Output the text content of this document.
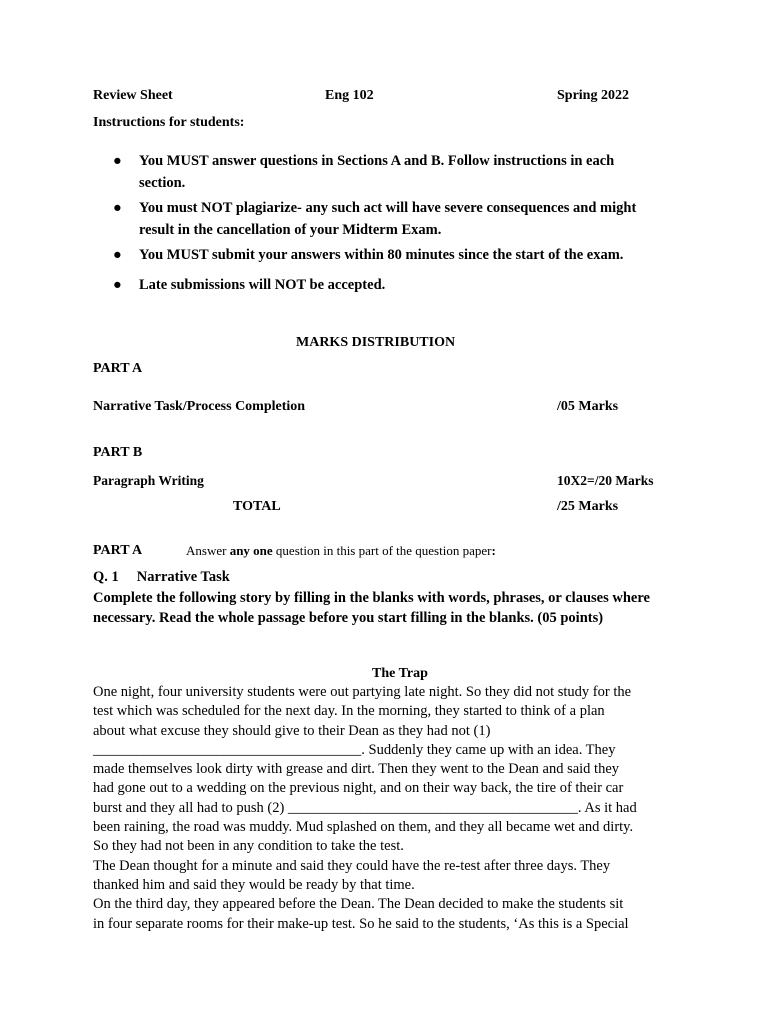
Review Sheet	Eng 102	Spring 2022
Instructions for students:
● You MUST answer questions in Sections A and B. Follow instructions in each
section.
● You must NOT plagiarize- any such act will have severe consequences and might
result in the cancellation of your Midterm Exam.
● You MUST submit your answers within 80 minutes since the start of the exam.
● Late submissions will NOT be accepted.
MARKS DISTRIBUTION
PART A
Narrative Task/Process Completion	/05 Marks
PART B
Paragraph Writing	10X2=/20 Marks
TOTAL	/25 Marks
PART A	Answer any one question in this part of the question paper:
Q. 1 Narrative Task
Complete the following story by filling in the blanks with words, phrases, or clauses where necessary. Read the whole passage before you start filling in the blanks. (05 points)
The Trap
One night, four university students were out partying late night. So they did not study for the
test which was scheduled for the next day. In the morning, they started to think of a plan
about what excuse they should give to their Dean as they had not (1)
_____________________________________. Suddenly they came up with an idea. They
made themselves look dirty with grease and dirt. Then they went to the Dean and said they
had gone out to a wedding on the previous night, and on their way back, the tire of their car
burst and they all had to push (2) ________________________________________. As it had
been raining, the road was muddy. Mud splashed on them, and they all became wet and dirty.
So they had not been in any condition to take the test.
The Dean thought for a minute and said they could have the re-test after three days. They
thanked him and said they would be ready by that time.
On the third day, they appeared before the Dean. The Dean decided to make the students sit
in four separate rooms for their make-up test. So he said to the students, ‘As this is a Special
